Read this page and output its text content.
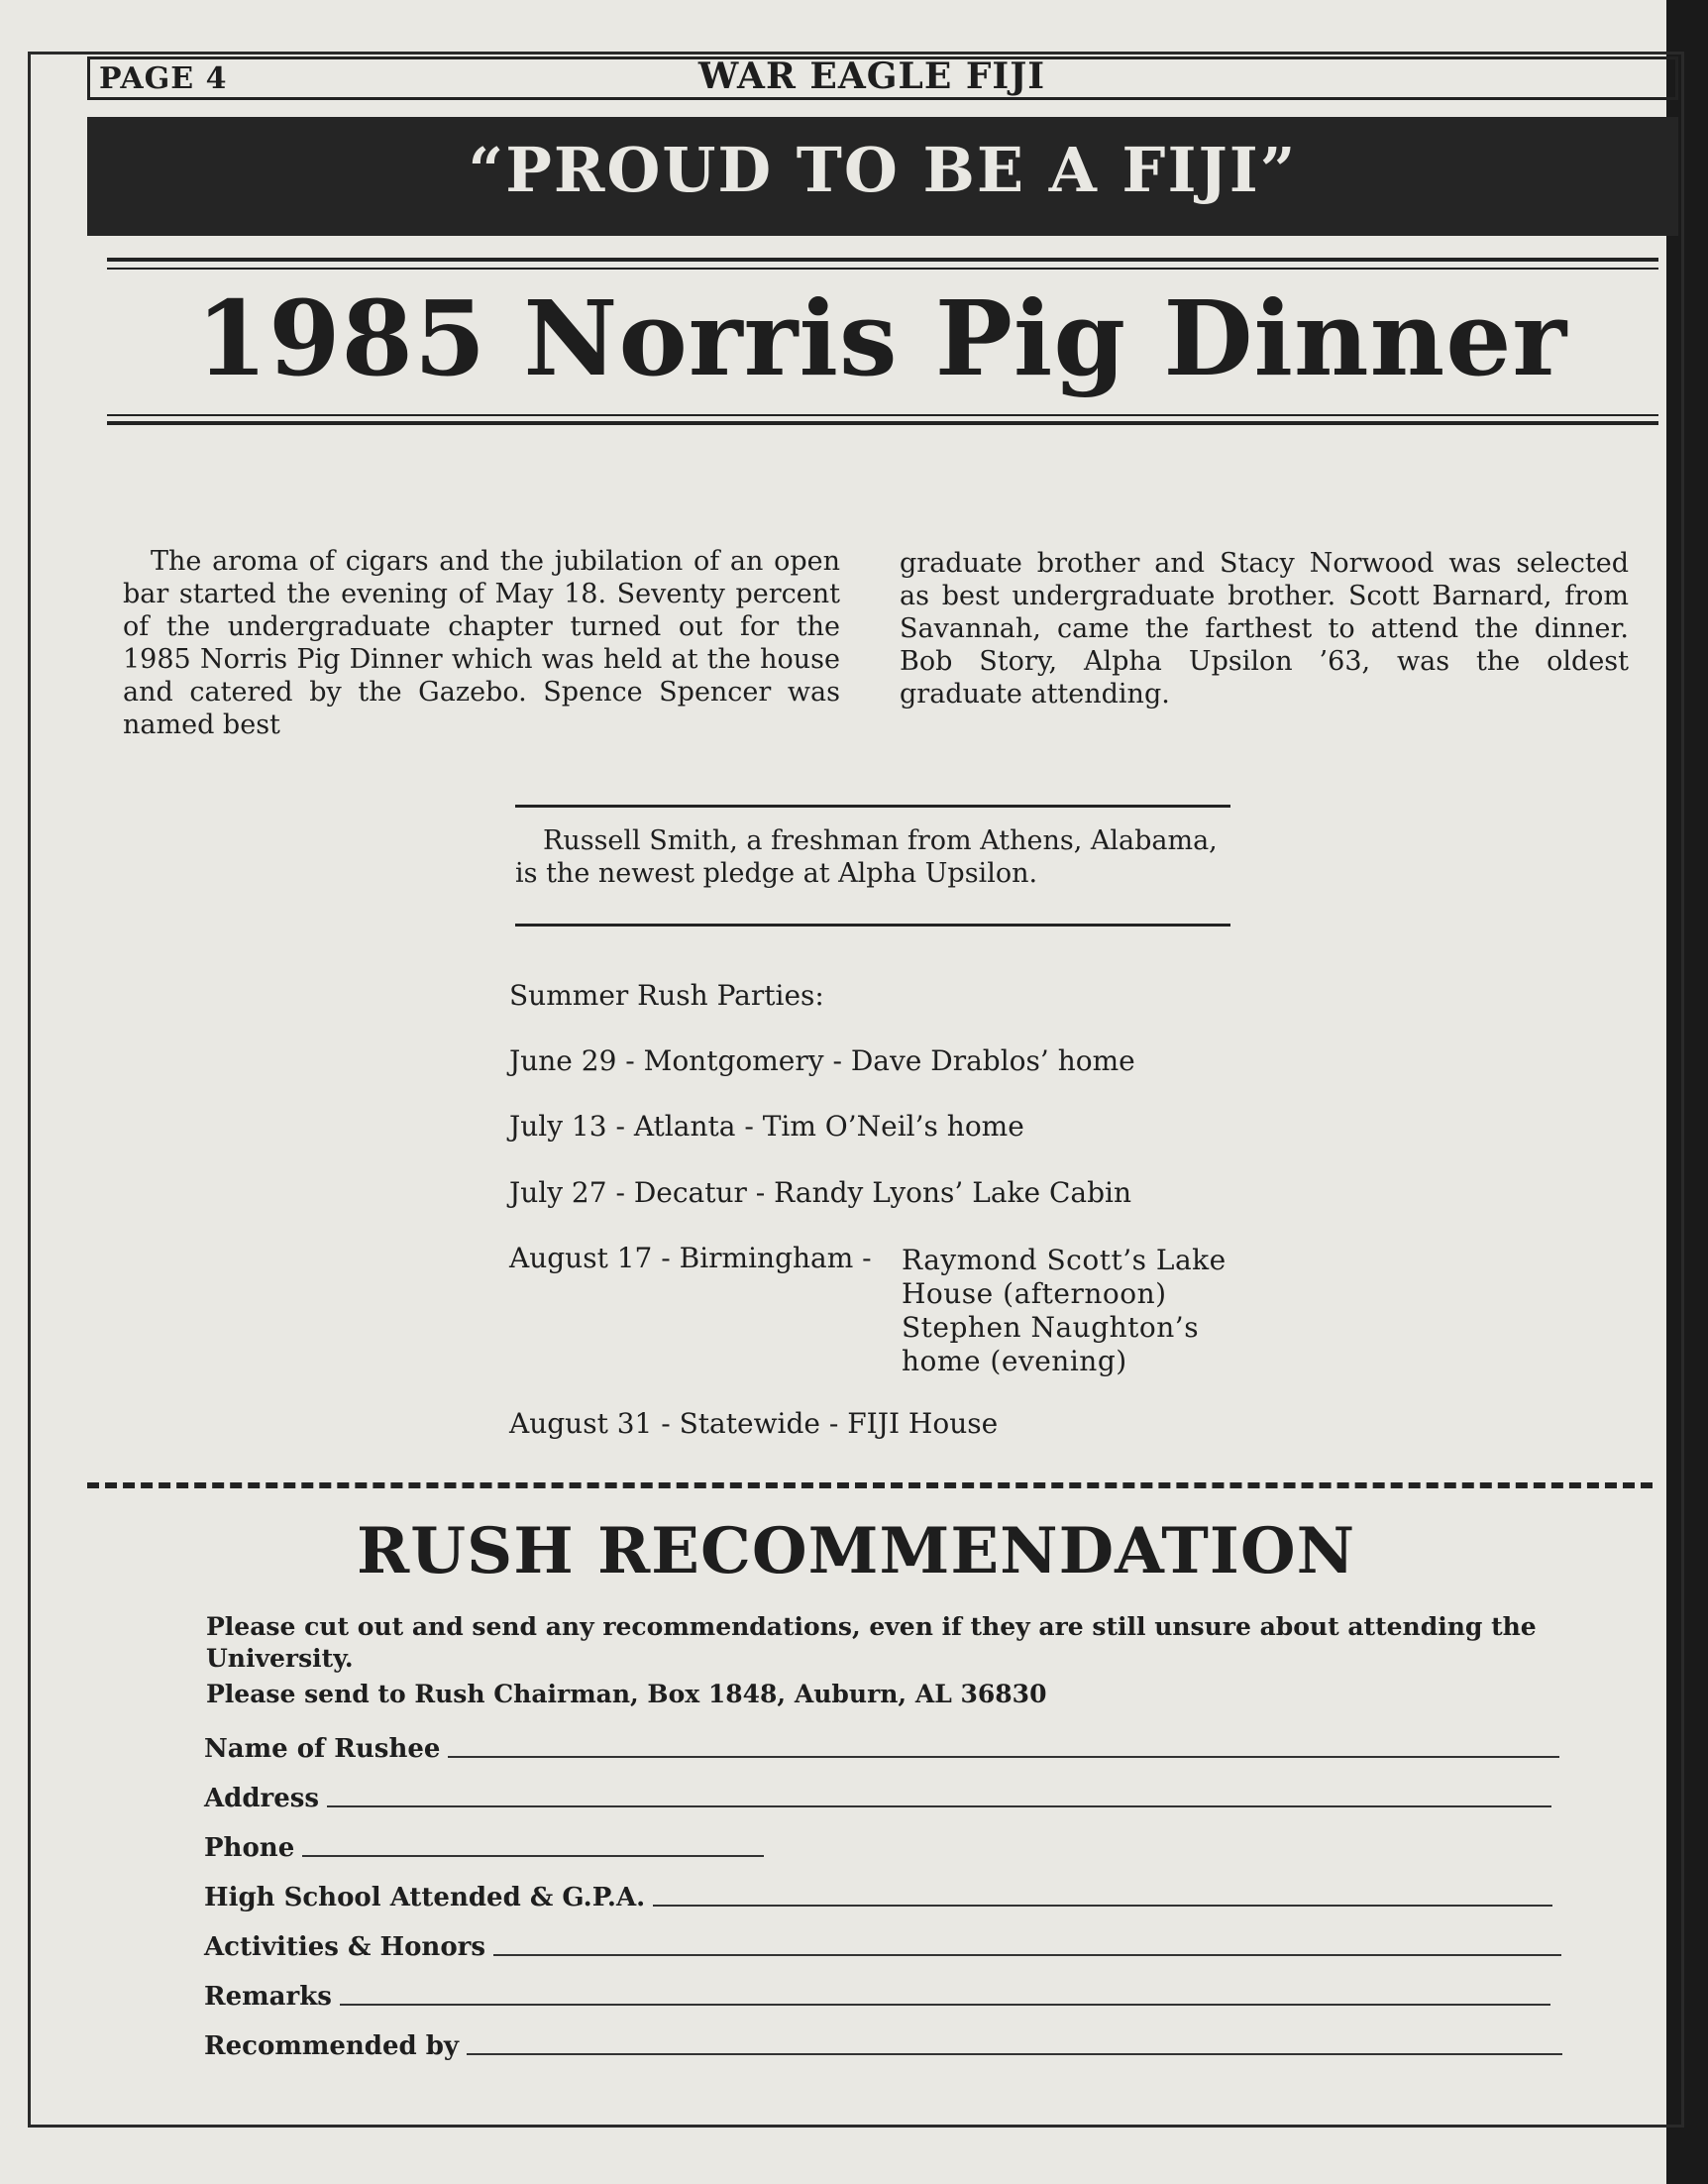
PAGE 4	WAR EAGLE FIJI
“PROUD TO BE A FIJI”
1985 Norris Pig Dinner

The aroma of cigars and the jubilation of an open bar started the evening of May 18. Seventy percent of the undergraduate chapter turned out for the 1985 Norris Pig Dinner which was held at the house and catered by the Gazebo. Spence Spencer was named best

graduate brother and Stacy Norwood was selected as best undergraduate brother. Scott Barnard, from Savannah, came the farthest to attend the dinner. Bob Story, Alpha Upsilon ’63, was the oldest graduate attending.

Russell Smith, a freshman from Athens, Alabama, is the newest pledge at Alpha Upsilon.

Summer Rush Parties:
June 29 - Montgomery - Dave Drablos’ home
July 13 - Atlanta - Tim O’Neil’s home
July 27 - Decatur - Randy Lyons’ Lake Cabin
August 17 - Birmingham - Raymond Scott’s Lake House (afternoon)
Stephen Naughton’s home (evening)
August 31 - Statewide - FIJI House
RUSH RECOMMENDATION
Please cut out and send any recommendations, even if they are still unsure about attending the University.
Please send to Rush Chairman, Box 1848, Auburn, AL 36830
Name of Rushee
Address
Phone
High School Attended & G.P.A.
Activities & Honors
Remarks
Recommended by
